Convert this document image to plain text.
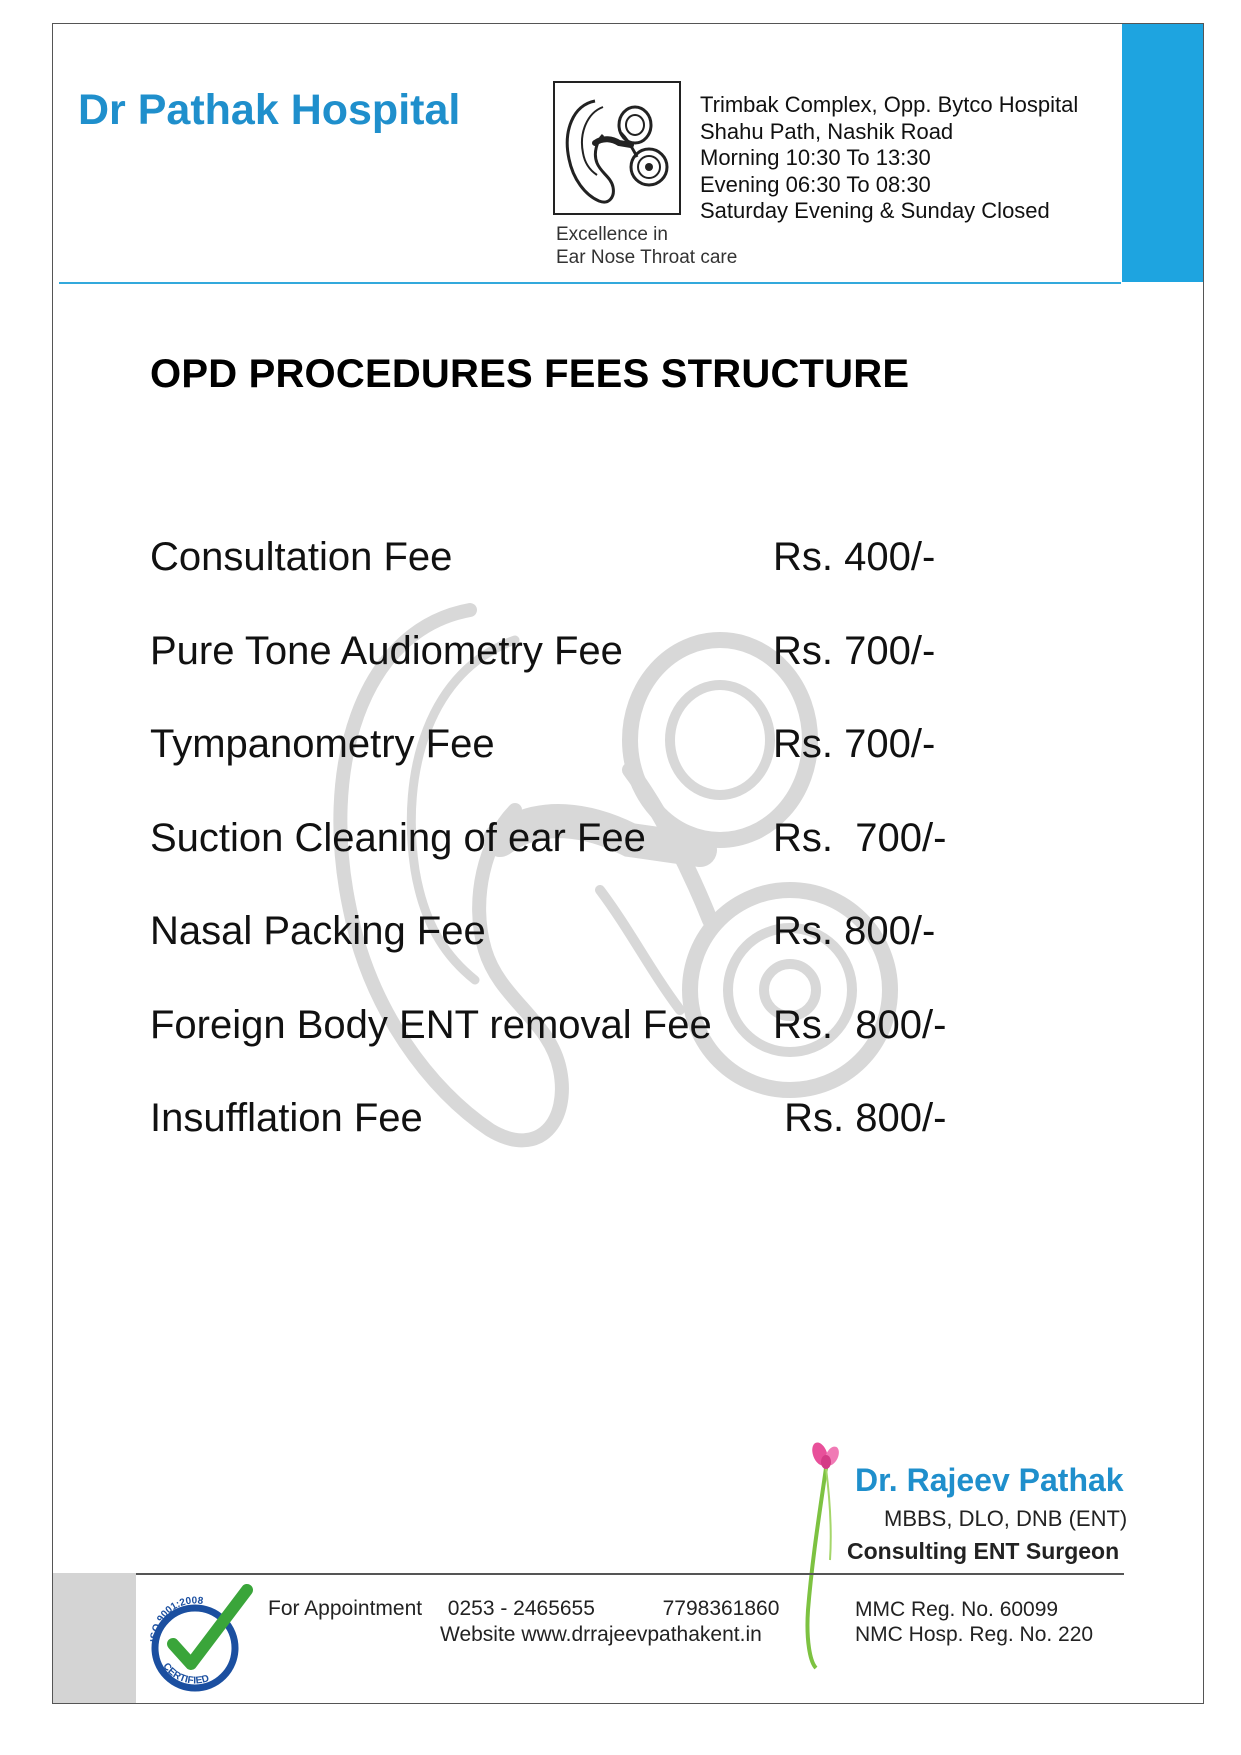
Dr Pathak Hospital
Excellence in
Ear Nose Throat care
Trimbak Complex, Opp. Bytco Hospital
Shahu Path, Nashik Road
Morning 10:30 To 13:30
Evening 06:30 To 08:30
Saturday Evening & Sunday Closed
OPD PROCEDURES FEES STRUCTURE
Consultation Fee	Rs. 400/-
Pure Tone Audiometry Fee	Rs. 700/-
Tympanometry Fee	Rs. 700/-
Suction Cleaning of ear Fee	Rs.  700/-
Nasal Packing Fee	Rs. 800/-
Foreign Body ENT removal Fee Rs.  800/-
Insufflation Fee	Rs. 800/-
Dr. Rajeev Pathak
MBBS, DLO, DNB (ENT)
Consulting ENT Surgeon
ISO 9001:2008
CERTIFIED
For Appointment 0253 - 2465655	7798361860
Website www.drrajeevpathakent.in
MMC Reg. No. 60099
NMC Hosp. Reg. No. 220
